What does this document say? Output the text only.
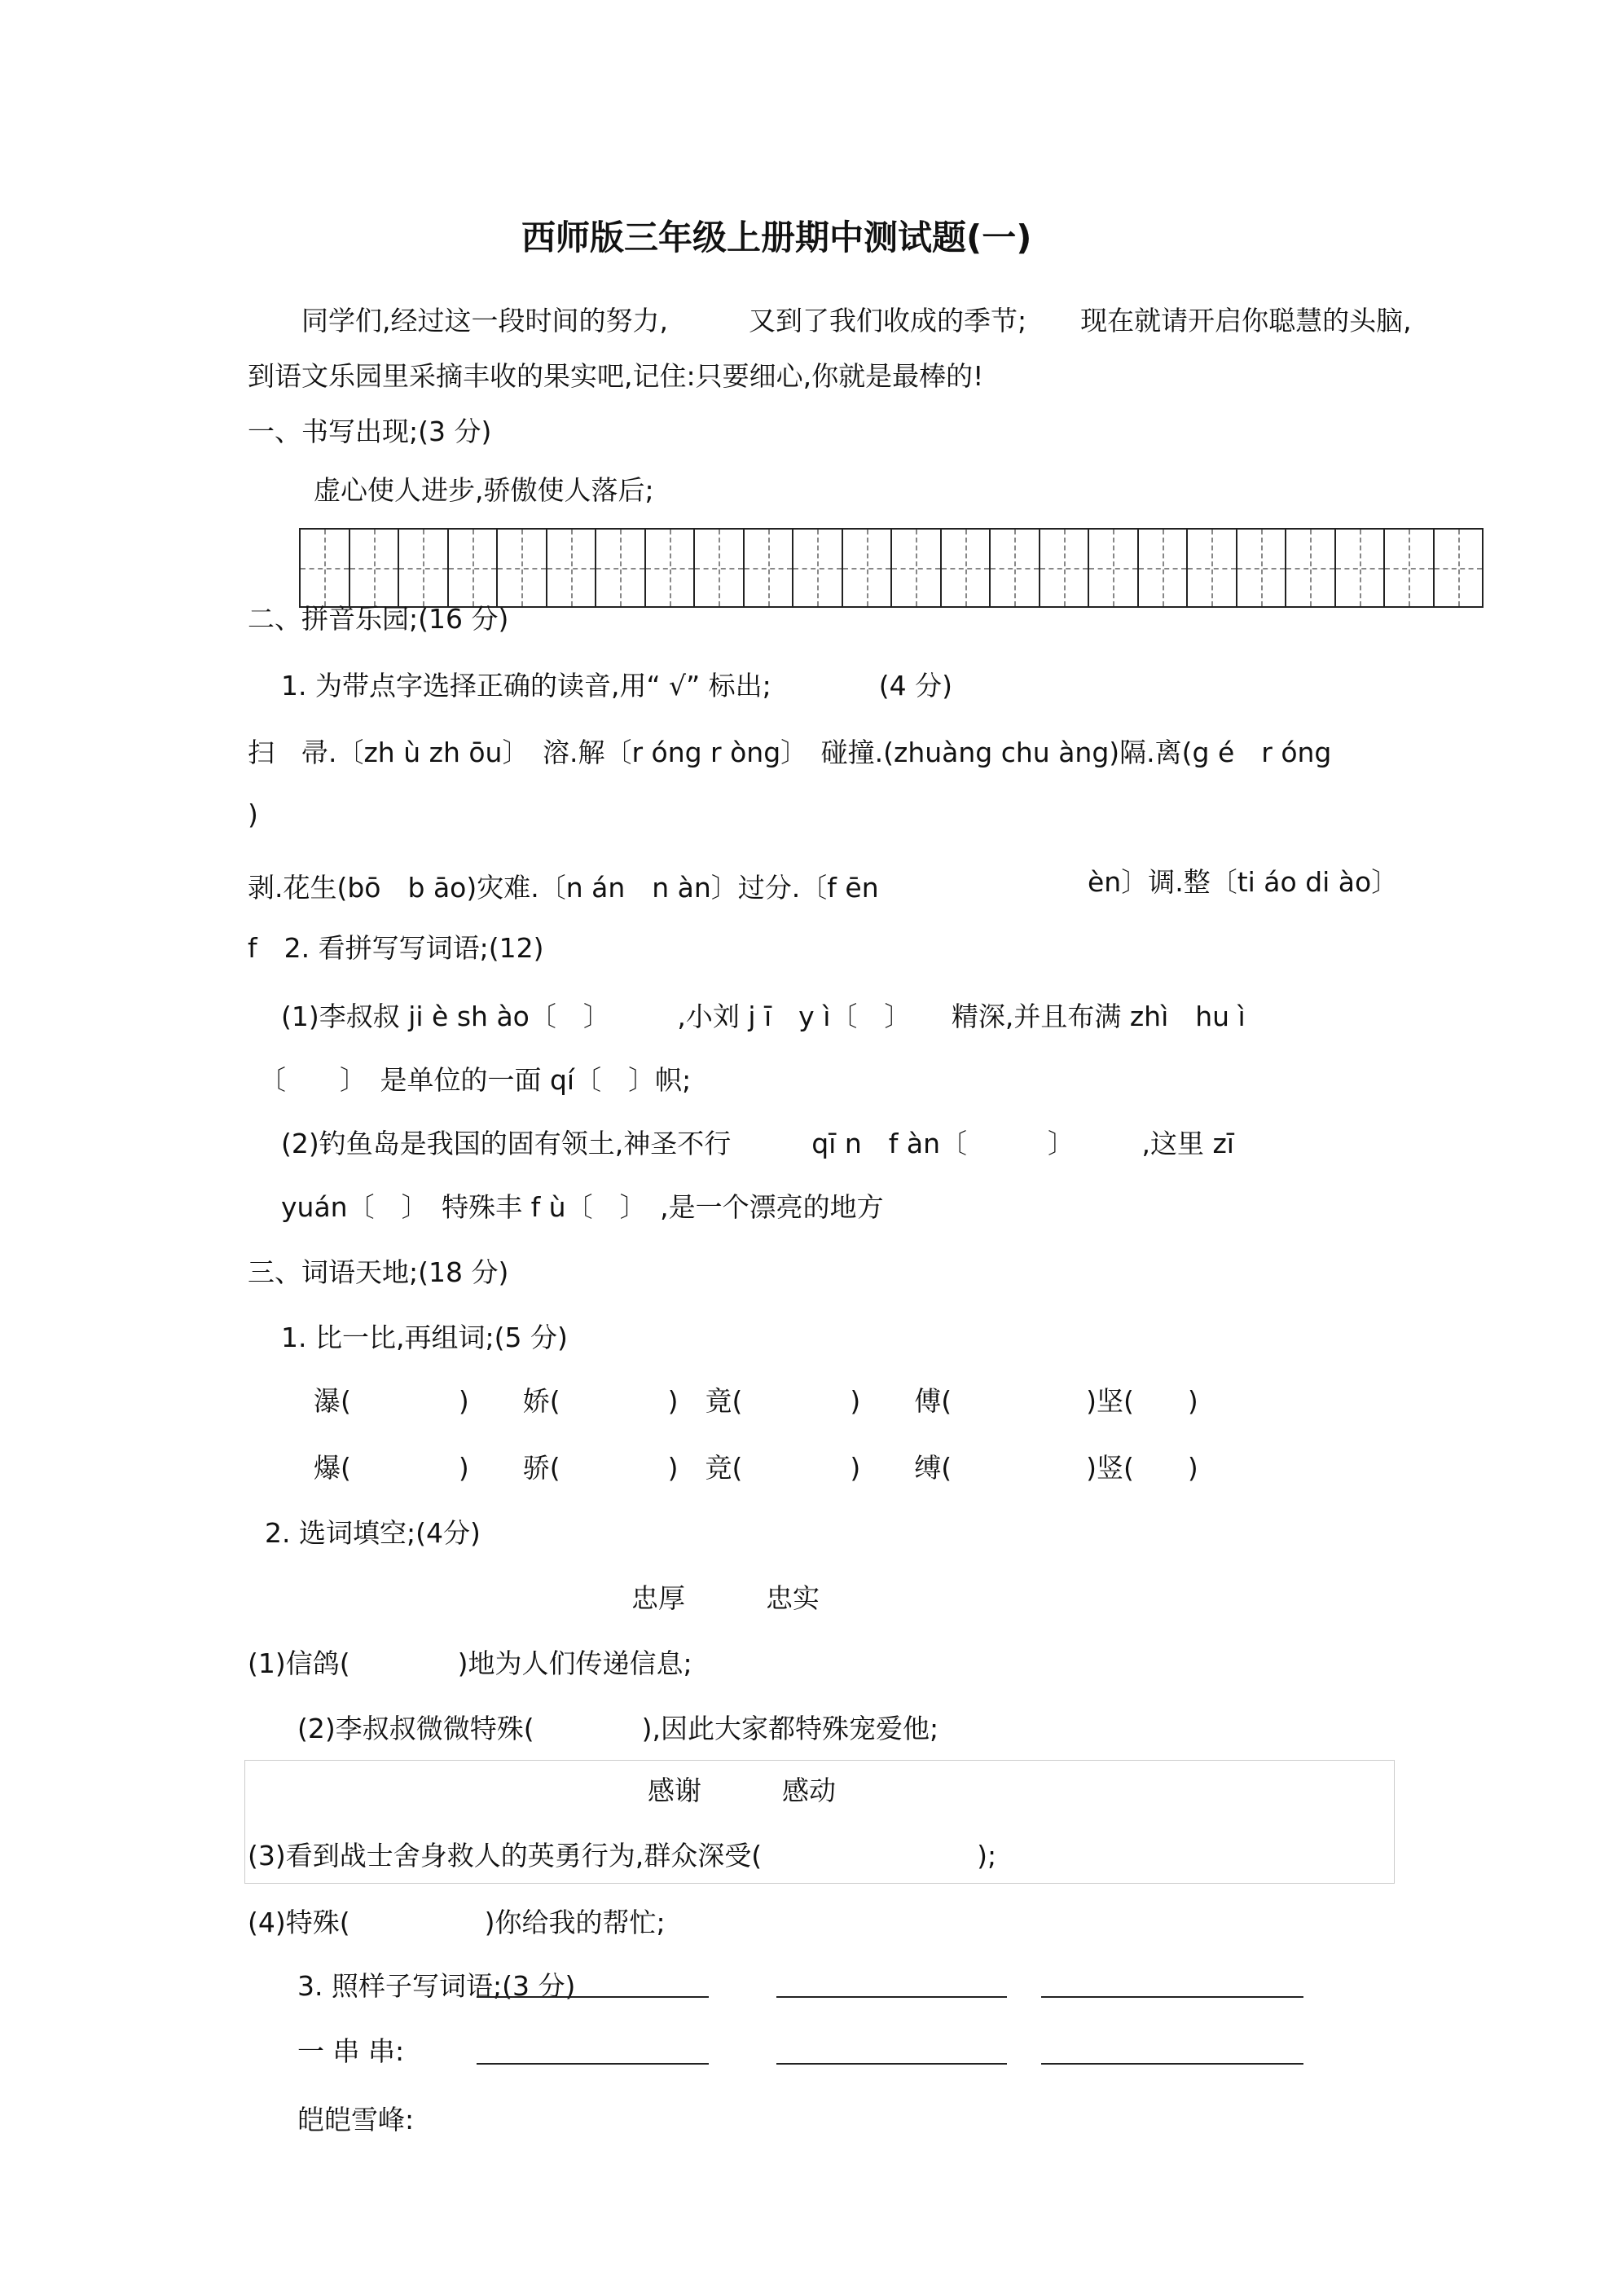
西师版三年级上册期中测试题(一)
同学们,经过这一段时间的努力,　　　又到了我们收成的季节;　　现在就请开启你聪慧的头脑,
到语文乐园里采摘丰收的果实吧,记住:只要细心,你就是最棒的!
一、书写出现;(3 分)
虚心使人进步,骄傲使人落后;
二、拼音乐园;(16 分)
1. 为带点字选择正确的读音,用“ √” 标出;　　　　(4 分)
扫　帚.〔zh ù zh ōu〕　溶.解〔r óng r òng〕　碰撞.(zhuàng chu àng)隔.离(g é　r óng
)
剥.花生(bō　b āo)灾难.〔n án　n àn〕过分.〔f ēn	èn〕调.整〔ti áo di ào〕
f　2. 看拼写写词语;(12)
(1)李叔叔 ji è sh ào〔　〕　　　,小刘 j ī　y ì〔　〕　　精深,并且布满 zhì　hu ì
〔　　〕　是单位的一面 qí〔　〕帜;
(2)钓鱼岛是我国的固有领土,神圣不行　　　qī n　f àn〔　　　〕　　　,这里 zī
yuán〔　〕　特殊丰 f ù〔　〕　,是一个漂亮的地方
三、词语天地;(18 分)
1. 比一比,再组词;(5 分)
瀑(　　　　)　　娇(　　　　)　竟(　　　　)　　傅(　　　　　)坚(　　)
爆(　　　　)　　骄(　　　　)　竞(　　　　)　　缚(　　　　　)竖(　　)
2. 选词填空;(4分)
忠厚　　　忠实
(1)信鸽(　　　　)地为人们传递信息;
(2)李叔叔微微特殊(　　　　),因此大家都特殊宠爱他;
感谢　　　感动
(3)看到战士舍身救人的英勇行为,群众深受(　　　　　　　　);
(4)特殊(　　　　　)你给我的帮忙;
3. 照样子写词语;(3 分)
一 串 串:
皑皑雪峰:
